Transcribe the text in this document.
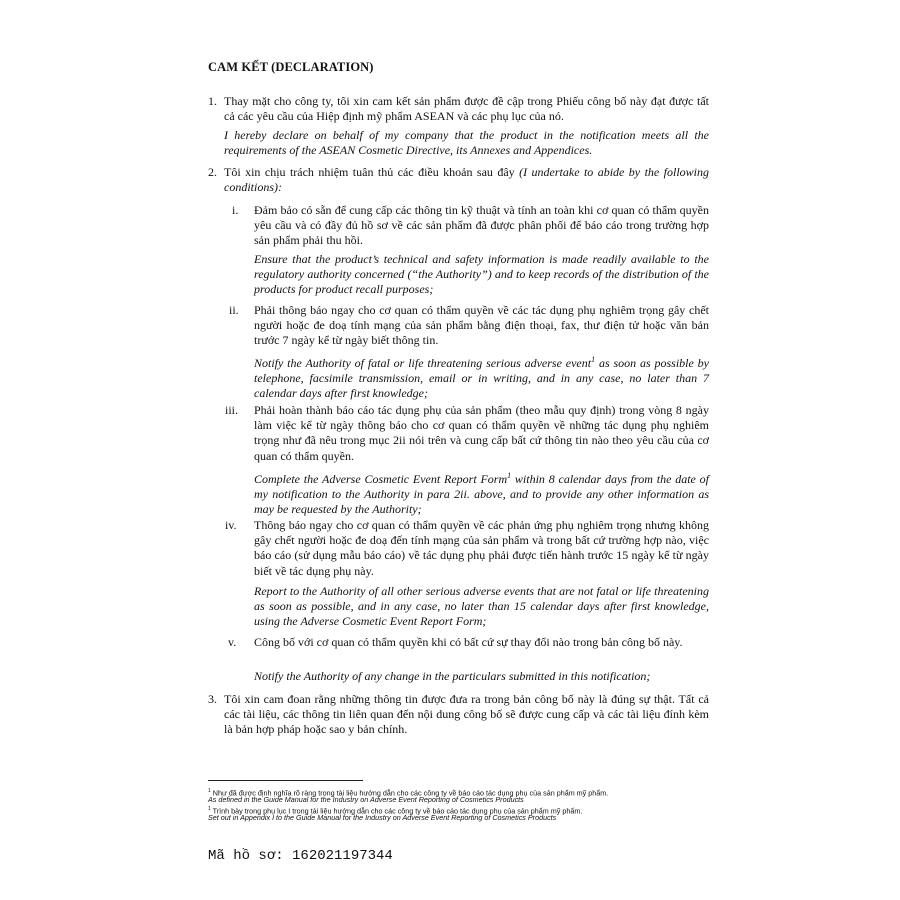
CAM KẾT (DECLARATION)
1. Thay mặt cho công ty, tôi xin cam kết sản phẩm được đề cập trong Phiếu công bố này đạt được tất cả các yêu cầu của Hiệp định mỹ phẩm ASEAN và các phụ lục của nó.
I hereby declare on behalf of my company that the product in the notification meets all the requirements of the ASEAN Cosmetic Directive, its Annexes and Appendices.
2. Tôi xin chịu trách nhiệm tuân thủ các điều khoản sau đây (I undertake to abide by the following conditions):
i. Đảm bảo có sẵn để cung cấp các thông tin kỹ thuật và tính an toàn khi cơ quan có thẩm quyền yêu cầu và có đầy đủ hồ sơ về các sản phẩm đã được phân phối để báo cáo trong trường hợp sản phẩm phải thu hồi.
Ensure that the product’s technical and safety information is made readily available to the regulatory authority concerned (“the Authority”) and to keep records of the distribution of the products for product recall purposes;
ii. Phải thông báo ngay cho cơ quan có thẩm quyền về các tác dụng phụ nghiêm trọng gây chết người hoặc đe doạ tính mạng của sản phẩm bằng điện thoại, fax, thư điện tử hoặc văn bản trước 7 ngày kể từ ngày biết thông tin.
Notify the Authority of fatal or life threatening serious adverse event$^1$ as soon as possible by telephone, facsimile transmission, email or in writing, and in any case, no later than 7 calendar days after first knowledge;
iii. Phải hoàn thành báo cáo tác dụng phụ của sản phẩm (theo mẫu quy định) trong vòng 8 ngày làm việc kể từ ngày thông báo cho cơ quan có thẩm quyền về những tác dụng phụ nghiêm trọng như đã nêu trong mục 2ii nói trên và cung cấp bất cứ thông tin nào theo yêu cầu của cơ quan có thẩm quyền.
Complete the Adverse Cosmetic Event Report Form$^1$ within 8 calendar days from the date of my notification to the Authority in para 2ii. above, and to provide any other information as may be requested by the Authority;
iv. Thông báo ngay cho cơ quan có thẩm quyền về các phản ứng phụ nghiêm trọng nhưng không gây chết người hoặc đe doạ đến tính mạng của sản phẩm và trong bất cứ trường hợp nào, việc báo cáo (sử dụng mẫu báo cáo) về tác dụng phụ phải được tiến hành trước 15 ngày kể từ ngày biết về tác dụng phụ này.
Report to the Authority of all other serious adverse events that are not fatal or life threatening as soon as possible, and in any case, no later than 15 calendar days after first knowledge, using the Adverse Cosmetic Event Report Form;
v. Công bố với cơ quan có thẩm quyền khi có bất cứ sự thay đổi nào trong bản công bố này.
Notify the Authority of any change in the particulars submitted in this notification;
3. Tôi xin cam đoan rằng những thông tin được đưa ra trong bản công bố này là đúng sự thật. Tất cả các tài liệu, các thông tin liên quan đến nội dung công bố sẽ được cung cấp và các tài liệu đính kèm là bản hợp pháp hoặc sao y bản chính.
$^1$ Như đã được định nghĩa rõ ràng trong tài liệu hướng dẫn cho các công ty về báo cáo tác dụng phụ của sản phẩm mỹ phẩm.
As defined in the Guide Manual for the Industry on Adverse Event Reporting of Cosmetics Products
$^1$ Trình bày trong phụ lục I trong tài liệu hướng dẫn cho các công ty về báo cáo tác dụng phụ của sản phẩm mỹ phẩm.
Set out in Appendix I to the Guide Manual for the Industry on Adverse Event Reporting of Cosmetics Products
Mã hồ sơ: 162021197344
